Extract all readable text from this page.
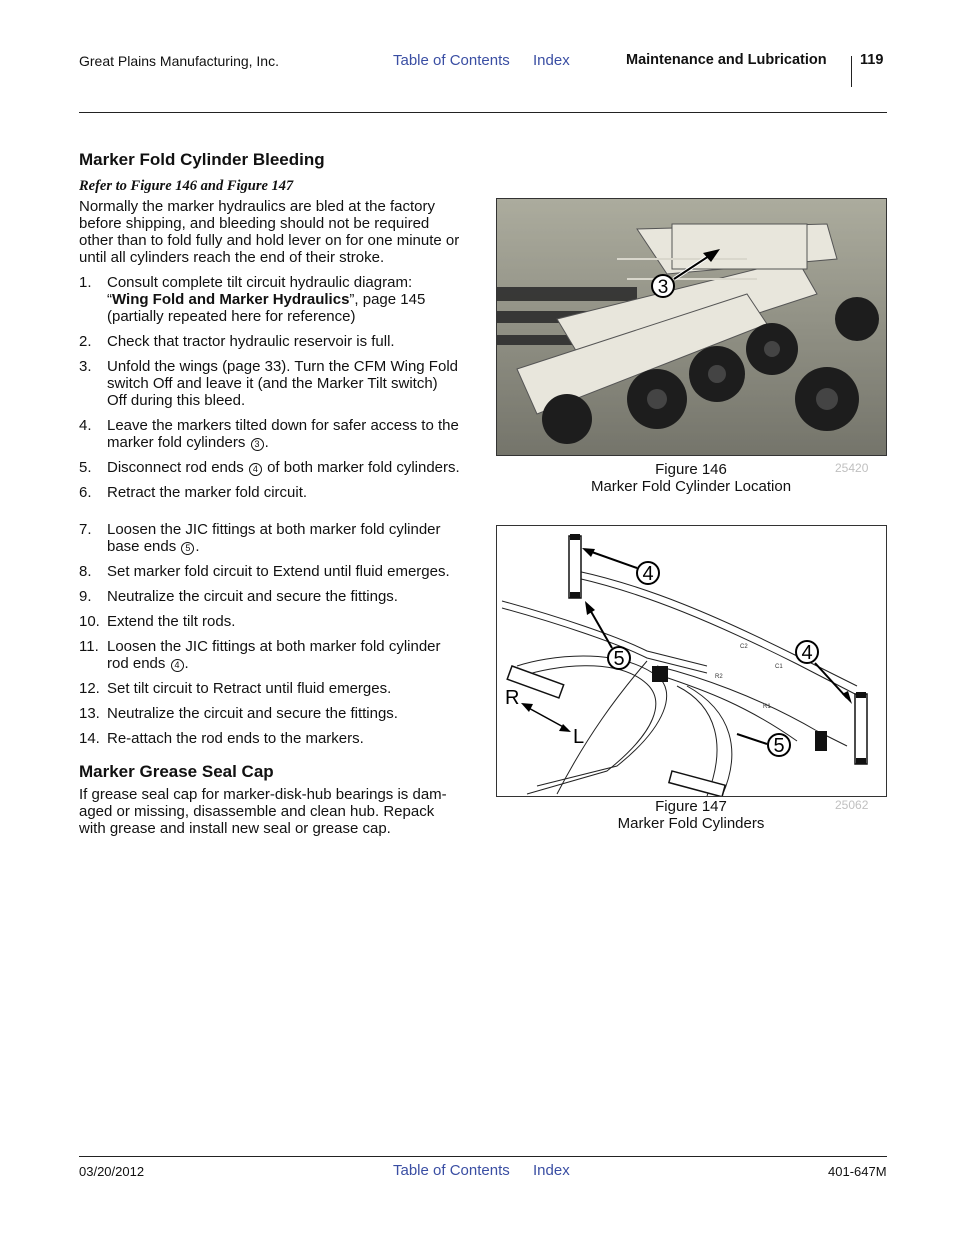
Great Plains Manufacturing, Inc.	Table of Contents Index	Maintenance and Lubrication 119
Marker Fold Cylinder Bleeding
Refer to Figure 146 and Figure 147
Normally the marker hydraulics are bled at the factory
before shipping, and bleeding should not be required
other than to fold fully and hold lever on for one minute or
until all cylinders reach the end of their stroke.
1. Consult complete tilt circuit hydraulic diagram:
“Wing Fold and Marker Hydraulics”, page 145
(partially repeated here for reference)
2. Check that tractor hydraulic reservoir is full.
3. Unfold the wings (page 33). Turn the CFM Wing Fold
switch Off and leave it (and the Marker Tilt switch)
Off during this bleed.
4. Leave the markers tilted down for safer access to the
marker fold cylinders 3 .
5. Disconnect rod ends 4 of both marker fold cylinders.
6. Retract the marker fold circuit.
7. Loosen the JIC fittings at both marker fold cylinder
base ends 5 .
8. Set marker fold circuit to Extend until fluid emerges.
9. Neutralize the circuit and secure the fittings.
10. Extend the tilt rods.
11. Loosen the JIC fittings at both marker fold cylinder
rod ends 4 .
12. Set tilt circuit to Retract until fluid emerges.
13. Neutralize the circuit and secure the fittings.
14. Re-attach the rod ends to the markers.
Marker Grease Seal Cap
If grease seal cap for marker-disk-hub bearings is dam-
aged or missing, disassemble and clean hub. Repack
with grease and install new seal or grease cap.
3
Figure 146
Marker Fold Cylinder Location
25420
C2
C1
R2
R1
4
5	4
5
R
L
Figure 147
Marker Fold Cylinders
25062
03/20/2012	Table of Contents Index	401-647M
